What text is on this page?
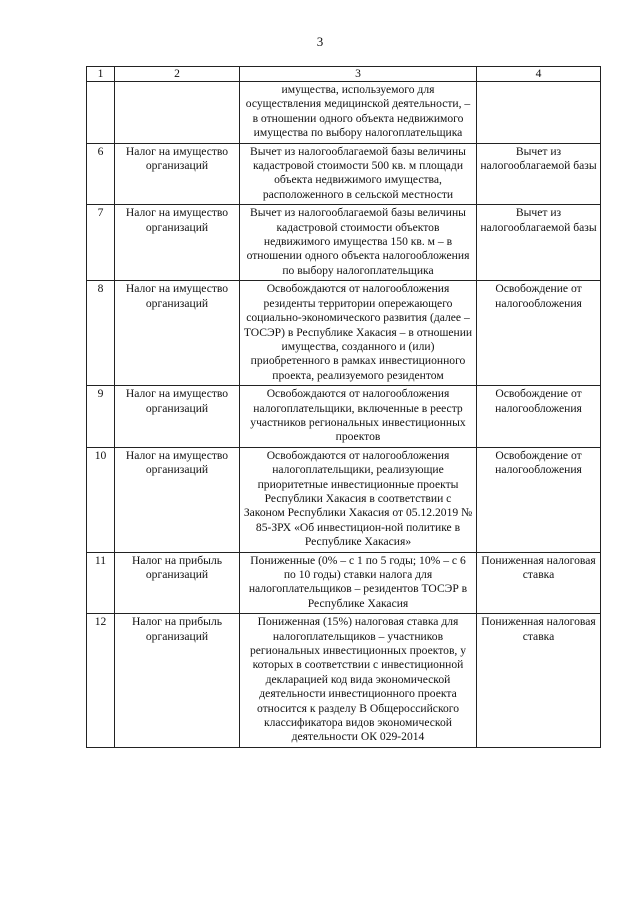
3
1	2	3	4
		имущества, используемого для осуществления медицинской деятельности, – в отношении одного объекта недвижимого имущества по выбору налогоплательщика	
6	Налог на имущество организаций	Вычет из налогооблагаемой базы величины кадастровой стоимости 500 кв. м площади объекта недвижимого имущества, расположенного в сельской местности	Вычет из налогооблагаемой базы
7	Налог на имущество организаций	Вычет из налогооблагаемой базы величины кадастровой стоимости объектов недвижимого имущества 150 кв. м – в отношении одного объекта налогообложения по выбору налогоплательщика	Вычет из налогооблагаемой базы
8	Налог на имущество организаций	Освобождаются от налогообложения резиденты территории опережающего социально-экономического развития (далее – ТОСЭР) в Республике Хакасия – в отношении имущества, созданного и (или) приобретенного в рамках инвестиционного проекта, реализуемого резидентом	Освобождение от налогообложения
9	Налог на имущество организаций	Освобождаются от налогообложения налогоплательщики, включенные в реестр участников региональных инвестиционных проектов	Освобождение от налогообложения
10	Налог на имущество организаций	Освобождаются от налогообложения налогоплательщики, реализующие приоритетные инвестиционные проекты Республики Хакасия в соответствии с Законом Республики Хакасия от 05.12.2019 № 85-ЗРХ «Об инвестицион-ной политике в Республике Хакасия»	Освобождение от налогообложения
11	Налог на прибыль организаций	Пониженные (0% – с 1 по 5 годы; 10% – с 6 по 10 годы) ставки налога для налогоплательщиков – резидентов ТОСЭР в Республике Хакасия	Пониженная налоговая ставка
12	Налог на прибыль организаций	Пониженная (15%) налоговая ставка для налогоплательщиков – участников региональных инвестиционных проектов, у которых в соответствии с инвестиционной декларацией код вида экономической деятельности инвестиционного проекта относится к разделу B Общероссийского классификатора видов экономической деятельности ОК 029-2014	Пониженная налоговая ставка
